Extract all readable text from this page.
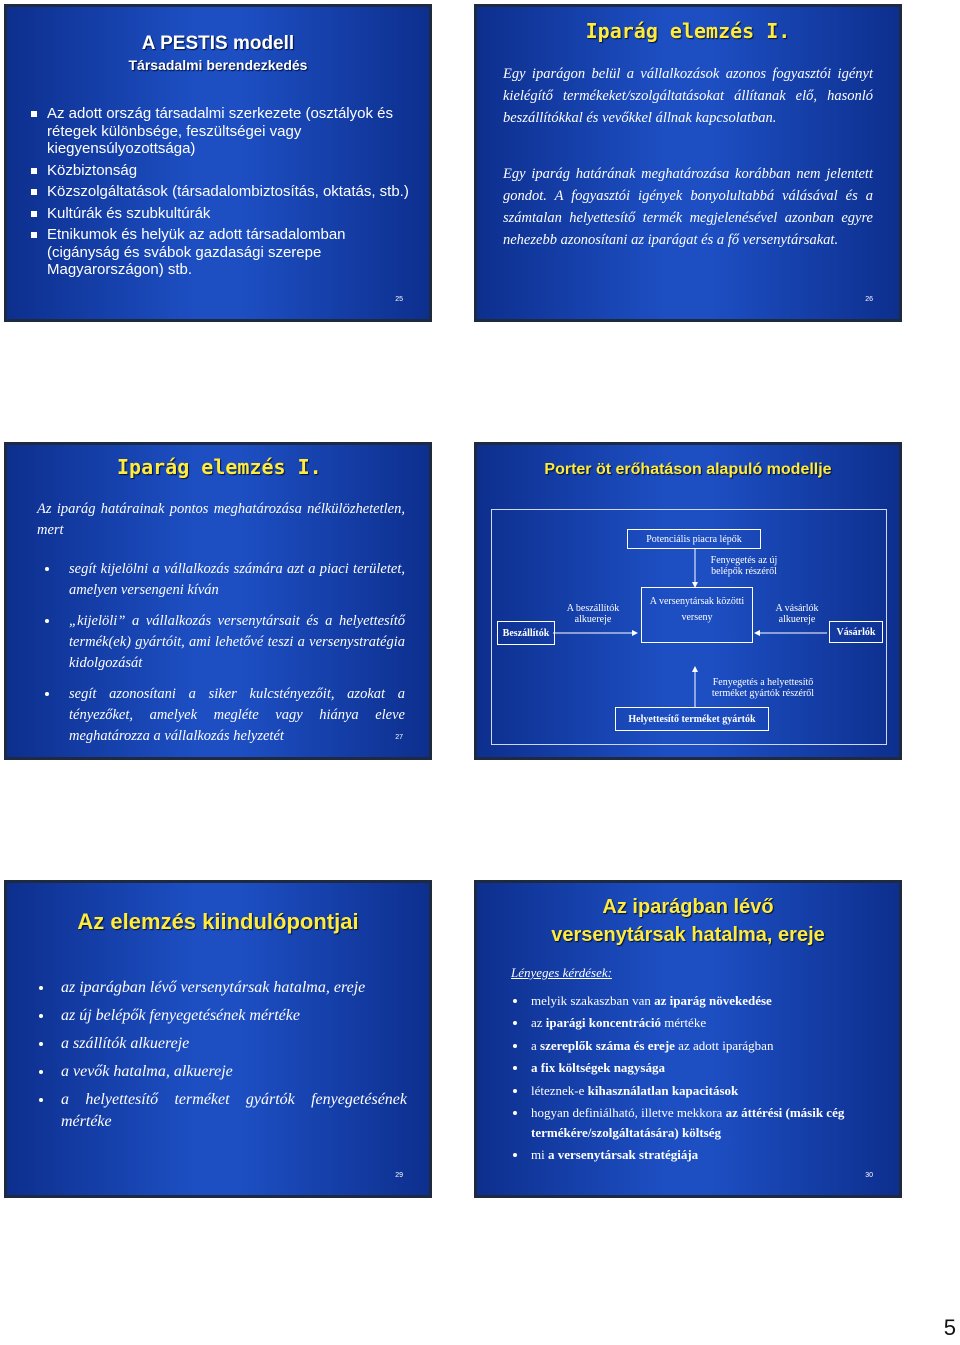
A PESTIS modell
Társadalmi berendezkedés
Az adott ország társadalmi szerkezete (osztályok és rétegek különbsége, feszültségei vagy kiegyensúlyozottsága)
Közbiztonság
Közszolgáltatások (társadalombiztosítás, oktatás, stb.)
Kultúrák és szubkultúrák
Etnikumok és helyük az adott társadalomban (cigányság és svábok gazdasági szerepe Magyarországon) stb.
25
Iparág elemzés I.
Egy iparágon belül a vállalkozások azonos fogyasztói igényt kielégítő termékeket/szolgáltatásokat állítanak elő, hasonló beszállítókkal és vevőkkel állnak kapcsolatban.
Egy iparág határának meghatározása korábban nem jelentett gondot. A fogyasztói igények bonyolultabbá válásával és a számtalan helyettesítő termék megjelenésével azonban egyre nehezebb azonosítani az iparágat és a fő versenytársakat.
26
Iparág elemzés I.
Az iparág határainak pontos meghatározása nélkülözhetetlen, mert
segít kijelölni a vállalkozás számára azt a piaci területet, amelyen versengeni kíván
„kijelöli” a vállalkozás versenytársait és a helyettesítő termék(ek) gyártóit, ami lehetővé teszi a versenystratégia kidolgozását
segít azonosítani a siker kulcstényezőit, azokat a tényezőket, amelyek megléte vagy hiánya eleve meghatározza a vállalkozás helyzetét	27
Porter öt erőhatáson alapuló modellje
Potenciális piacra lépők
Fenyegetés az új belépők részéről
A versenytársak közötti verseny
Beszállítók
A beszállítók alkuereje
A vásárlók alkuereje
Vásárlók
Fenyegetés a helyettesítő terméket gyártók részéről
Helyettesítő terméket gyártók
Az elemzés kiindulópontjai
az iparágban lévő versenytársak hatalma, ereje
az új belépők fenyegetésének mértéke
a szállítók alkuereje
a vevők hatalma, alkuereje
a helyettesítő terméket gyártók fenyegetésének mértéke
29
Az iparágban lévő
versenytársak hatalma, ereje
Lényeges kérdések:
melyik szakaszban van az iparág növekedése
az iparági koncentráció mértéke
a szereplők száma és ereje az adott iparágban
a fix költségek nagysága
léteznek-e kihasználatlan kapacitások
hogyan definiálható, illetve mekkora az áttérési (másik cég termékére/szolgáltatására) költség
mi a versenytársak stratégiája
30
5
